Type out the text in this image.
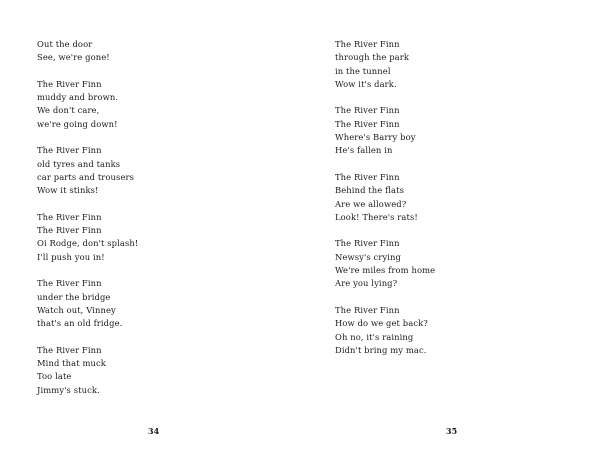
Out the door
See, we're gone!
The River Finn
muddy and brown.
We don't care,
we're going down!
The River Finn
old tyres and tanks
car parts and trousers
Wow it stinks!
The River Finn
The River Finn
Oi Rodge, don't splash!
I'll push you in!
The River Finn
under the bridge
Watch out, Vinney
that's an old fridge.
The River Finn
Mind that muck
Too late
Jimmy's stuck.
34
The River Finn
through the park
in the tunnel
Wow it's dark.
The River Finn
The River Finn
Where's Barry boy
He's fallen in
The River Finn
Behind the flats
Are we allowed?
Look! There's rats!
The River Finn
Newsy's crying
We're miles from home
Are you lying?
The River Finn
How do we get back?
Oh no, it's raining
Didn't bring my mac.
35
